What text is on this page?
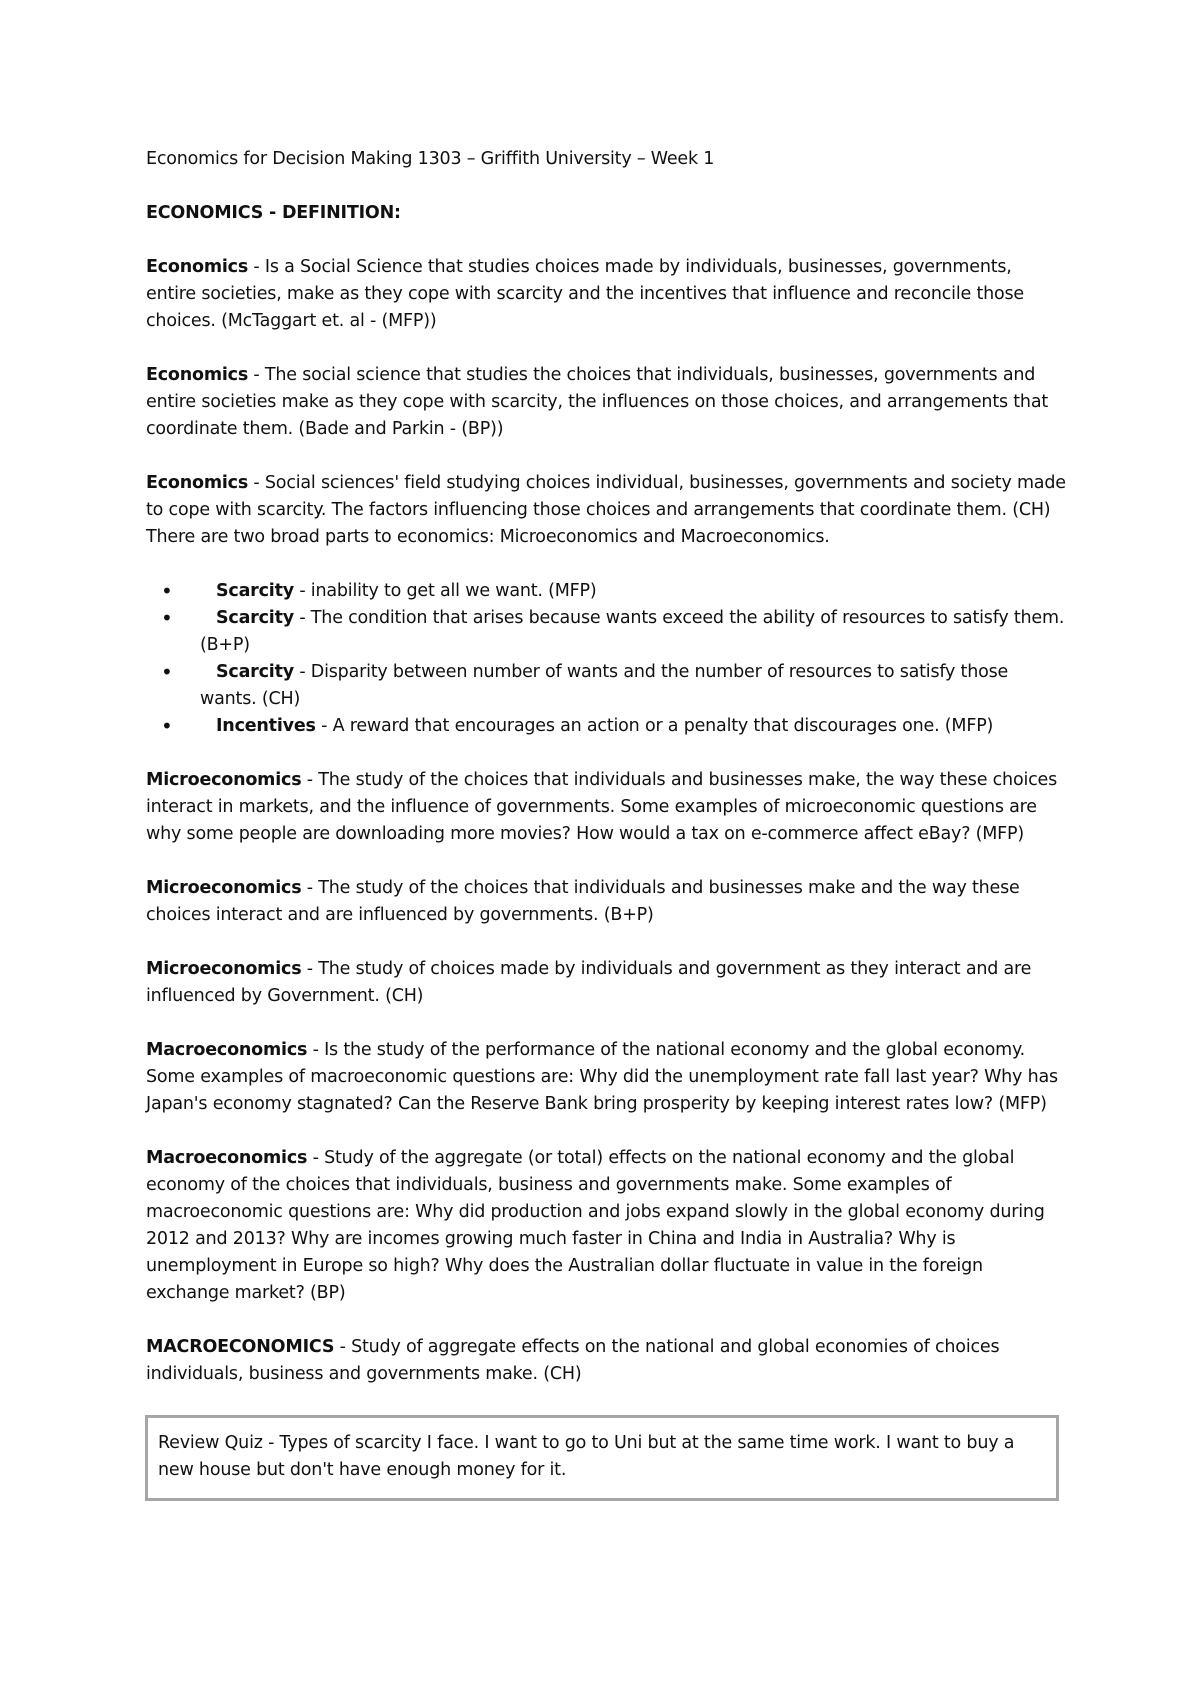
Economics for Decision Making 1303 – Griffith University – Week 1

ECONOMICS - DEFINITION:

Economics - Is a Social Science that studies choices made by individuals, businesses, governments, entire societies, make as they cope with scarcity and the incentives that influence and reconcile those choices. (McTaggart et. al - (MFP))

Economics - The social science that studies the choices that individuals, businesses, governments and entire societies make as they cope with scarcity, the influences on those choices, and arrangements that coordinate them. (Bade and Parkin - (BP))

Economics - Social sciences' field studying choices individual, businesses, governments and society made to cope with scarcity. The factors influencing those choices and arrangements that coordinate them. (CH) There are two broad parts to economics: Microeconomics and Macroeconomics.

• Scarcity - inability to get all we want. (MFP)
• Scarcity - The condition that arises because wants exceed the ability of resources to satisfy them. (B+P)
• Scarcity - Disparity between number of wants and the number of resources to satisfy those wants. (CH)
• Incentives - A reward that encourages an action or a penalty that discourages one. (MFP)

Microeconomics - The study of the choices that individuals and businesses make, the way these choices interact in markets, and the influence of governments. Some examples of microeconomic questions are why some people are downloading more movies? How would a tax on e-commerce affect eBay? (MFP)

Microeconomics - The study of the choices that individuals and businesses make and the way these choices interact and are influenced by governments. (B+P)

Microeconomics - The study of choices made by individuals and government as they interact and are influenced by Government. (CH)

Macroeconomics - Is the study of the performance of the national economy and the global economy. Some examples of macroeconomic questions are: Why did the unemployment rate fall last year? Why has Japan's economy stagnated? Can the Reserve Bank bring prosperity by keeping interest rates low? (MFP)

Macroeconomics - Study of the aggregate (or total) effects on the national economy and the global economy of the choices that individuals, business and governments make. Some examples of macroeconomic questions are: Why did production and jobs expand slowly in the global economy during 2012 and 2013? Why are incomes growing much faster in China and India in Australia? Why is unemployment in Europe so high? Why does the Australian dollar fluctuate in value in the foreign exchange market? (BP)

MACROECONOMICS - Study of aggregate effects on the national and global economies of choices individuals, business and governments make. (CH)

Review Quiz - Types of scarcity I face. I want to go to Uni but at the same time work. I want to buy a new house but don't have enough money for it.
